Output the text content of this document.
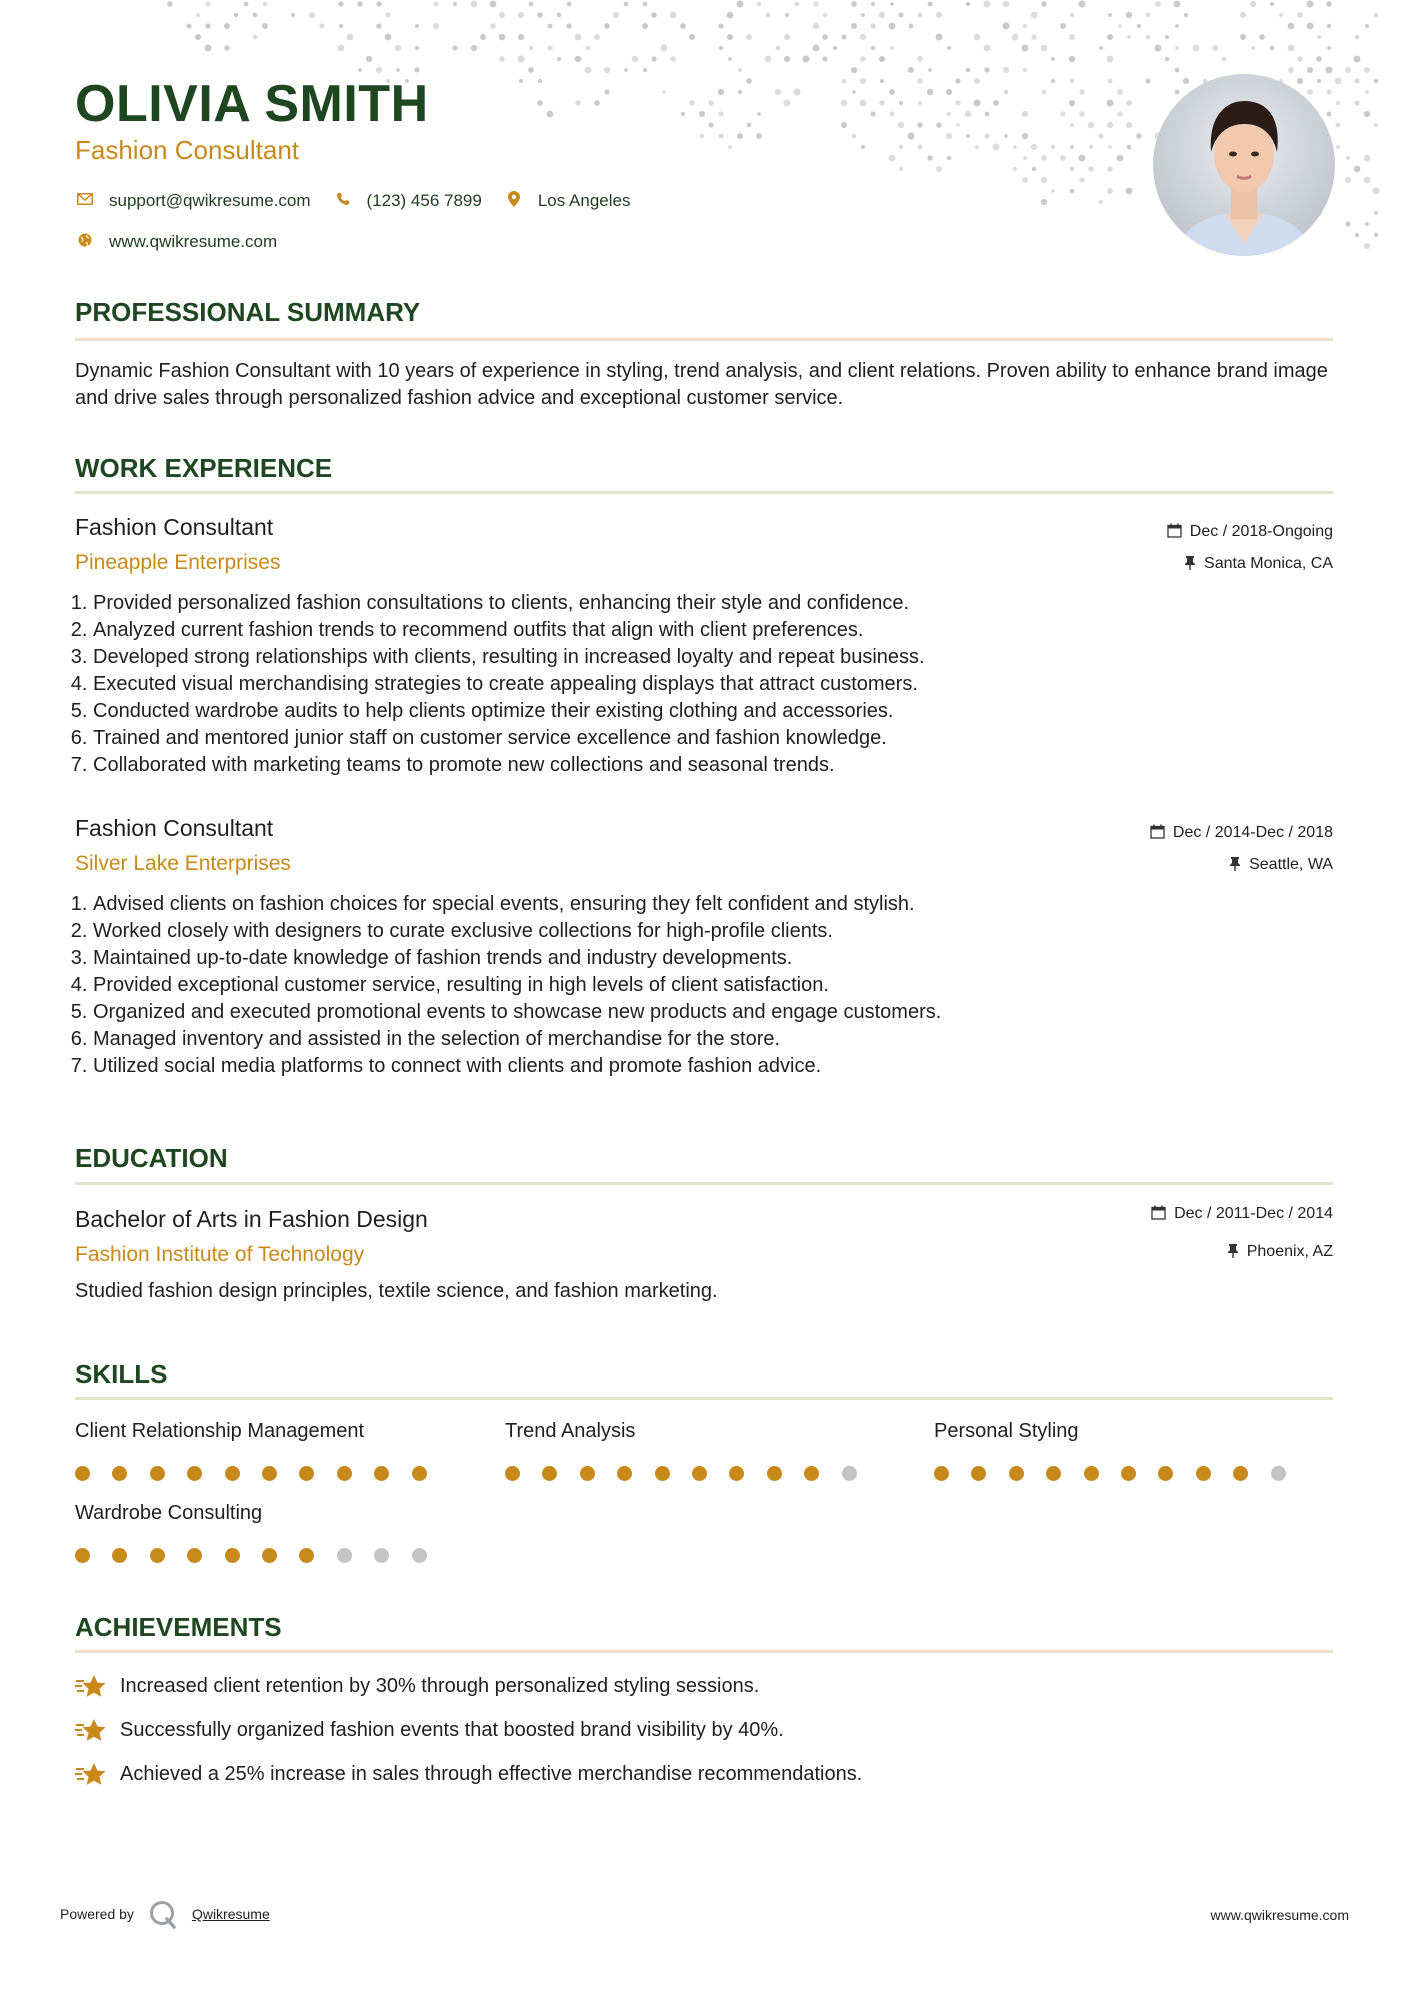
OLIVIA SMITH
Fashion Consultant
support@qwikresume.com	(123) 456 7899	Los Angeles
www.qwikresume.com
PROFESSIONAL SUMMARY
Dynamic Fashion Consultant with 10 years of experience in styling, trend analysis, and client relations. Proven ability to enhance brand image and drive sales through personalized fashion advice and exceptional customer service.
WORK EXPERIENCE
Fashion Consultant
Pineapple Enterprises
Dec / 2018-Ongoing
Santa Monica, CA
1. Provided personalized fashion consultations to clients, enhancing their style and confidence.
2. Analyzed current fashion trends to recommend outfits that align with client preferences.
3. Developed strong relationships with clients, resulting in increased loyalty and repeat business.
4. Executed visual merchandising strategies to create appealing displays that attract customers.
5. Conducted wardrobe audits to help clients optimize their existing clothing and accessories.
6. Trained and mentored junior staff on customer service excellence and fashion knowledge.
7. Collaborated with marketing teams to promote new collections and seasonal trends.
Fashion Consultant
Silver Lake Enterprises
Dec / 2014-Dec / 2018
Seattle, WA
1. Advised clients on fashion choices for special events, ensuring they felt confident and stylish.
2. Worked closely with designers to curate exclusive collections for high-profile clients.
3. Maintained up-to-date knowledge of fashion trends and industry developments.
4. Provided exceptional customer service, resulting in high levels of client satisfaction.
5. Organized and executed promotional events to showcase new products and engage customers.
6. Managed inventory and assisted in the selection of merchandise for the store.
7. Utilized social media platforms to connect with clients and promote fashion advice.
EDUCATION
Bachelor of Arts in Fashion Design
Fashion Institute of Technology
Dec / 2011-Dec / 2014
Phoenix, AZ
Studied fashion design principles, textile science, and fashion marketing.
SKILLS
Client Relationship Management	Trend Analysis	Personal Styling
Wardrobe Consulting
ACHIEVEMENTS
Increased client retention by 30% through personalized styling sessions.
Successfully organized fashion events that boosted brand visibility by 40%.
Achieved a 25% increase in sales through effective merchandise recommendations.
Powered by	Qwikresume	www.qwikresume.com
